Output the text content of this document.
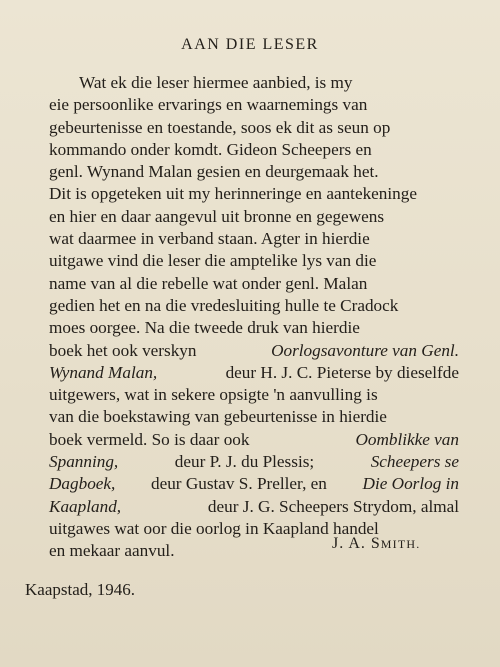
AAN DIE LESER
Wat ek die leser hiermee aanbied, is my
eie persoonlike ervarings en waarnemings van
gebeurtenisse en toestande, soos ek dit as seun op
kommando onder komdt. Gideon Scheepers en
genl. Wynand Malan gesien en deurgemaak het.
Dit is opgeteken uit my herinneringe en aantekeninge
en hier en daar aangevul uit bronne en gegewens
wat daarmee in verband staan. Agter in hierdie
uitgawe vind die leser die amptelike lys van die
name van al die rebelle wat onder genl. Malan
gedien het en na die vredesluiting hulle te Cradock
moes oorgee. Na die tweede druk van hierdie
boek het ook verskyn	Oorlogsavonture van Genl.
Wynand Malan,	deur H. J. C. Pieterse by dieselfde
uitgewers, wat in sekere opsigte 'n aanvulling is
van die boekstawing van gebeurtenisse in hierdie
boek vermeld. So is daar ook	Oomblikke van
Spanning,	deur P. J. du Plessis;	Scheepers se
Dagboek, deur Gustav S. Preller, en Die Oorlog in
Kaapland,	deur J. G. Scheepers Strydom, almal
uitgawes wat oor die oorlog in Kaapland handel
en mekaar aanvul.	J. A. SMITH.
Kaapstad, 1946.
